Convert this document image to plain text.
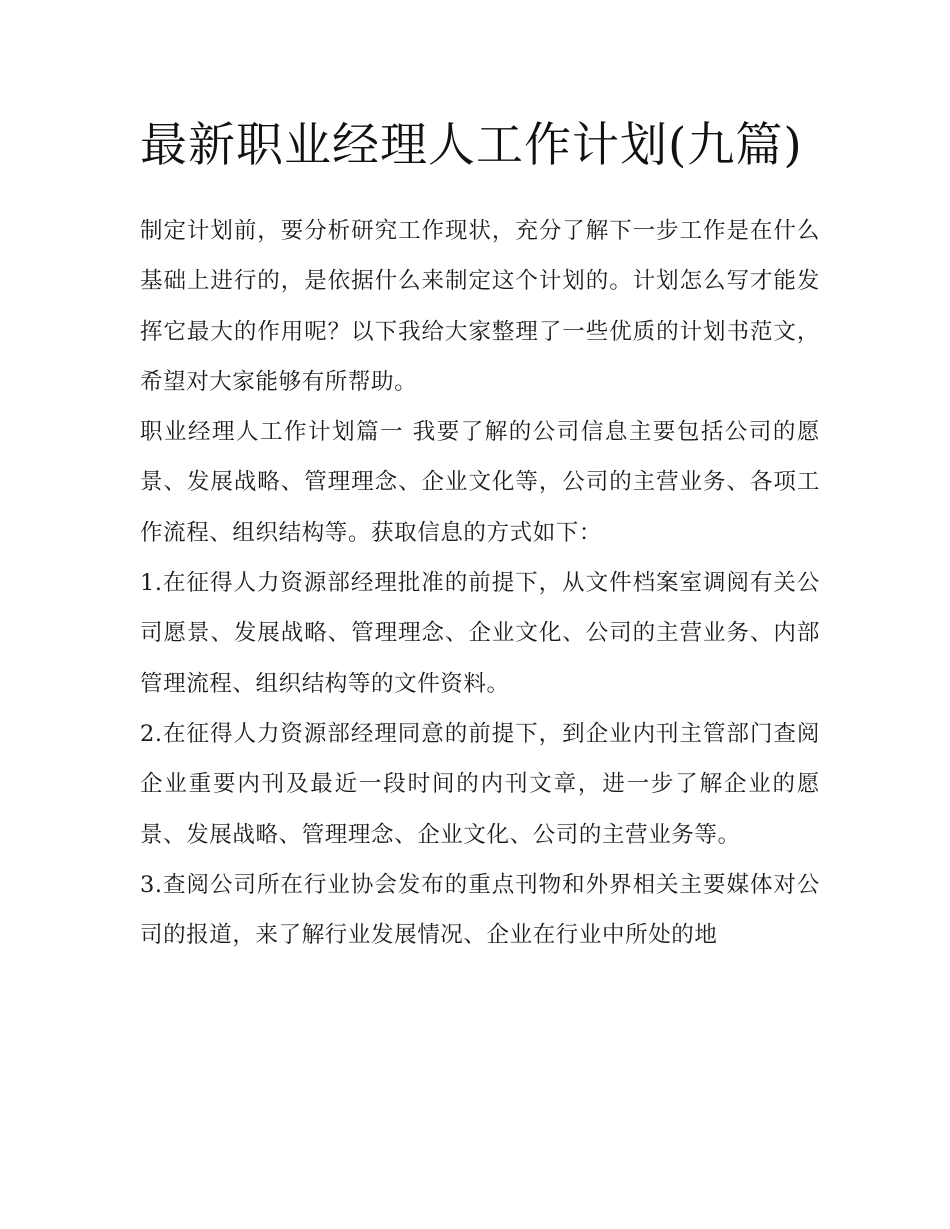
最新职业经理人工作计划(九篇)

制定计划前，要分析研究工作现状，充分了解下一步工作是在什么基础上进行的，是依据什么来制定这个计划的。计划怎么写才能发挥它最大的作用呢？以下我给大家整理了一些优质的计划书范文，希望对大家能够有所帮助。

职业经理人工作计划篇一 我要了解的公司信息主要包括公司的愿景、发展战略、管理理念、企业文化等，公司的主营业务、各项工作流程、组织结构等。获取信息的方式如下：

1.在征得人力资源部经理批准的前提下，从文件档案室调阅有关公司愿景、发展战略、管理理念、企业文化、公司的主营业务、内部管理流程、组织结构等的文件资料。

2.在征得人力资源部经理同意的前提下，到企业内刊主管部门查阅企业重要内刊及最近一段时间的内刊文章，进一步了解企业的愿景、发展战略、管理理念、企业文化、公司的主营业务等。

3.查阅公司所在行业协会发布的重点刊物和外界相关主要媒体对公司的报道，来了解行业发展情况、企业在行业中所处的地
